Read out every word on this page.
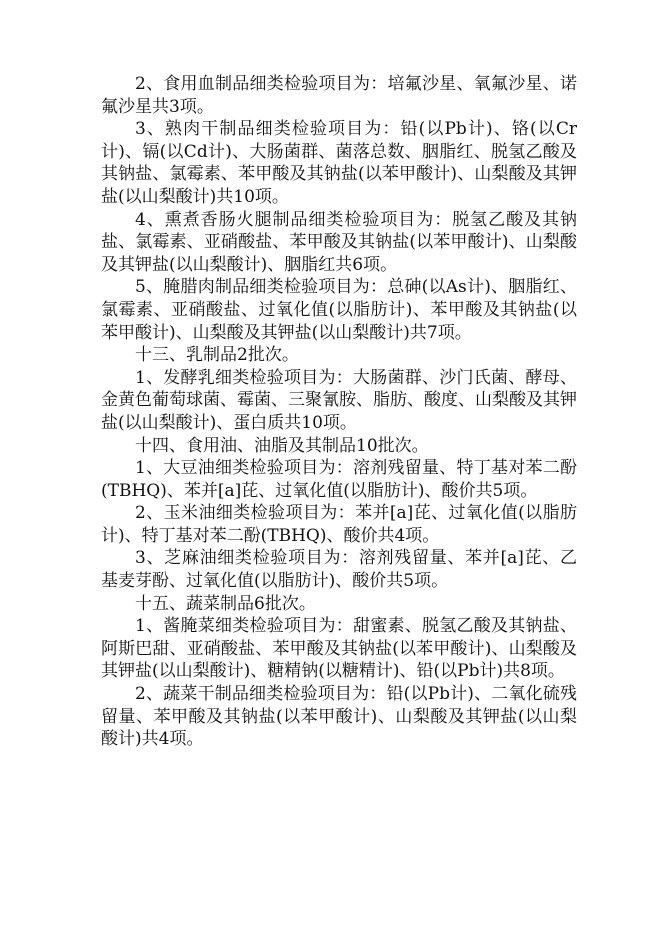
2、食用血制品细类检验项目为：培氟沙星、氧氟沙星、诺氟沙星共3项。

3、熟肉干制品细类检验项目为：铅(以Pb计)、铬(以Cr计)、镉(以Cd计)、大肠菌群、菌落总数、胭脂红、脱氢乙酸及其钠盐、氯霉素、苯甲酸及其钠盐(以苯甲酸计)、山梨酸及其钾盐(以山梨酸计)共10项。

4、熏煮香肠火腿制品细类检验项目为：脱氢乙酸及其钠盐、氯霉素、亚硝酸盐、苯甲酸及其钠盐(以苯甲酸计)、山梨酸及其钾盐(以山梨酸计)、胭脂红共6项。

5、腌腊肉制品细类检验项目为：总砷(以As计)、胭脂红、氯霉素、亚硝酸盐、过氧化值(以脂肪计)、苯甲酸及其钠盐(以苯甲酸计)、山梨酸及其钾盐(以山梨酸计)共7项。

十三、乳制品2批次。

1、发酵乳细类检验项目为：大肠菌群、沙门氏菌、酵母、金黄色葡萄球菌、霉菌、三聚氰胺、脂肪、酸度、山梨酸及其钾盐(以山梨酸计)、蛋白质共10项。

十四、食用油、油脂及其制品10批次。

1、大豆油细类检验项目为：溶剂残留量、特丁基对苯二酚(TBHQ)、苯并[a]芘、过氧化值(以脂肪计)、酸价共5项。

2、玉米油细类检验项目为：苯并[a]芘、过氧化值(以脂肪计)、特丁基对苯二酚(TBHQ)、酸价共4项。

3、芝麻油细类检验项目为：溶剂残留量、苯并[a]芘、乙基麦芽酚、过氧化值(以脂肪计)、酸价共5项。

十五、蔬菜制品6批次。

1、酱腌菜细类检验项目为：甜蜜素、脱氢乙酸及其钠盐、阿斯巴甜、亚硝酸盐、苯甲酸及其钠盐(以苯甲酸计)、山梨酸及其钾盐(以山梨酸计)、糖精钠(以糖精计)、铅(以Pb计)共8项。

2、蔬菜干制品细类检验项目为：铅(以Pb计)、二氧化硫残留量、苯甲酸及其钠盐(以苯甲酸计)、山梨酸及其钾盐(以山梨酸计)共4项。
